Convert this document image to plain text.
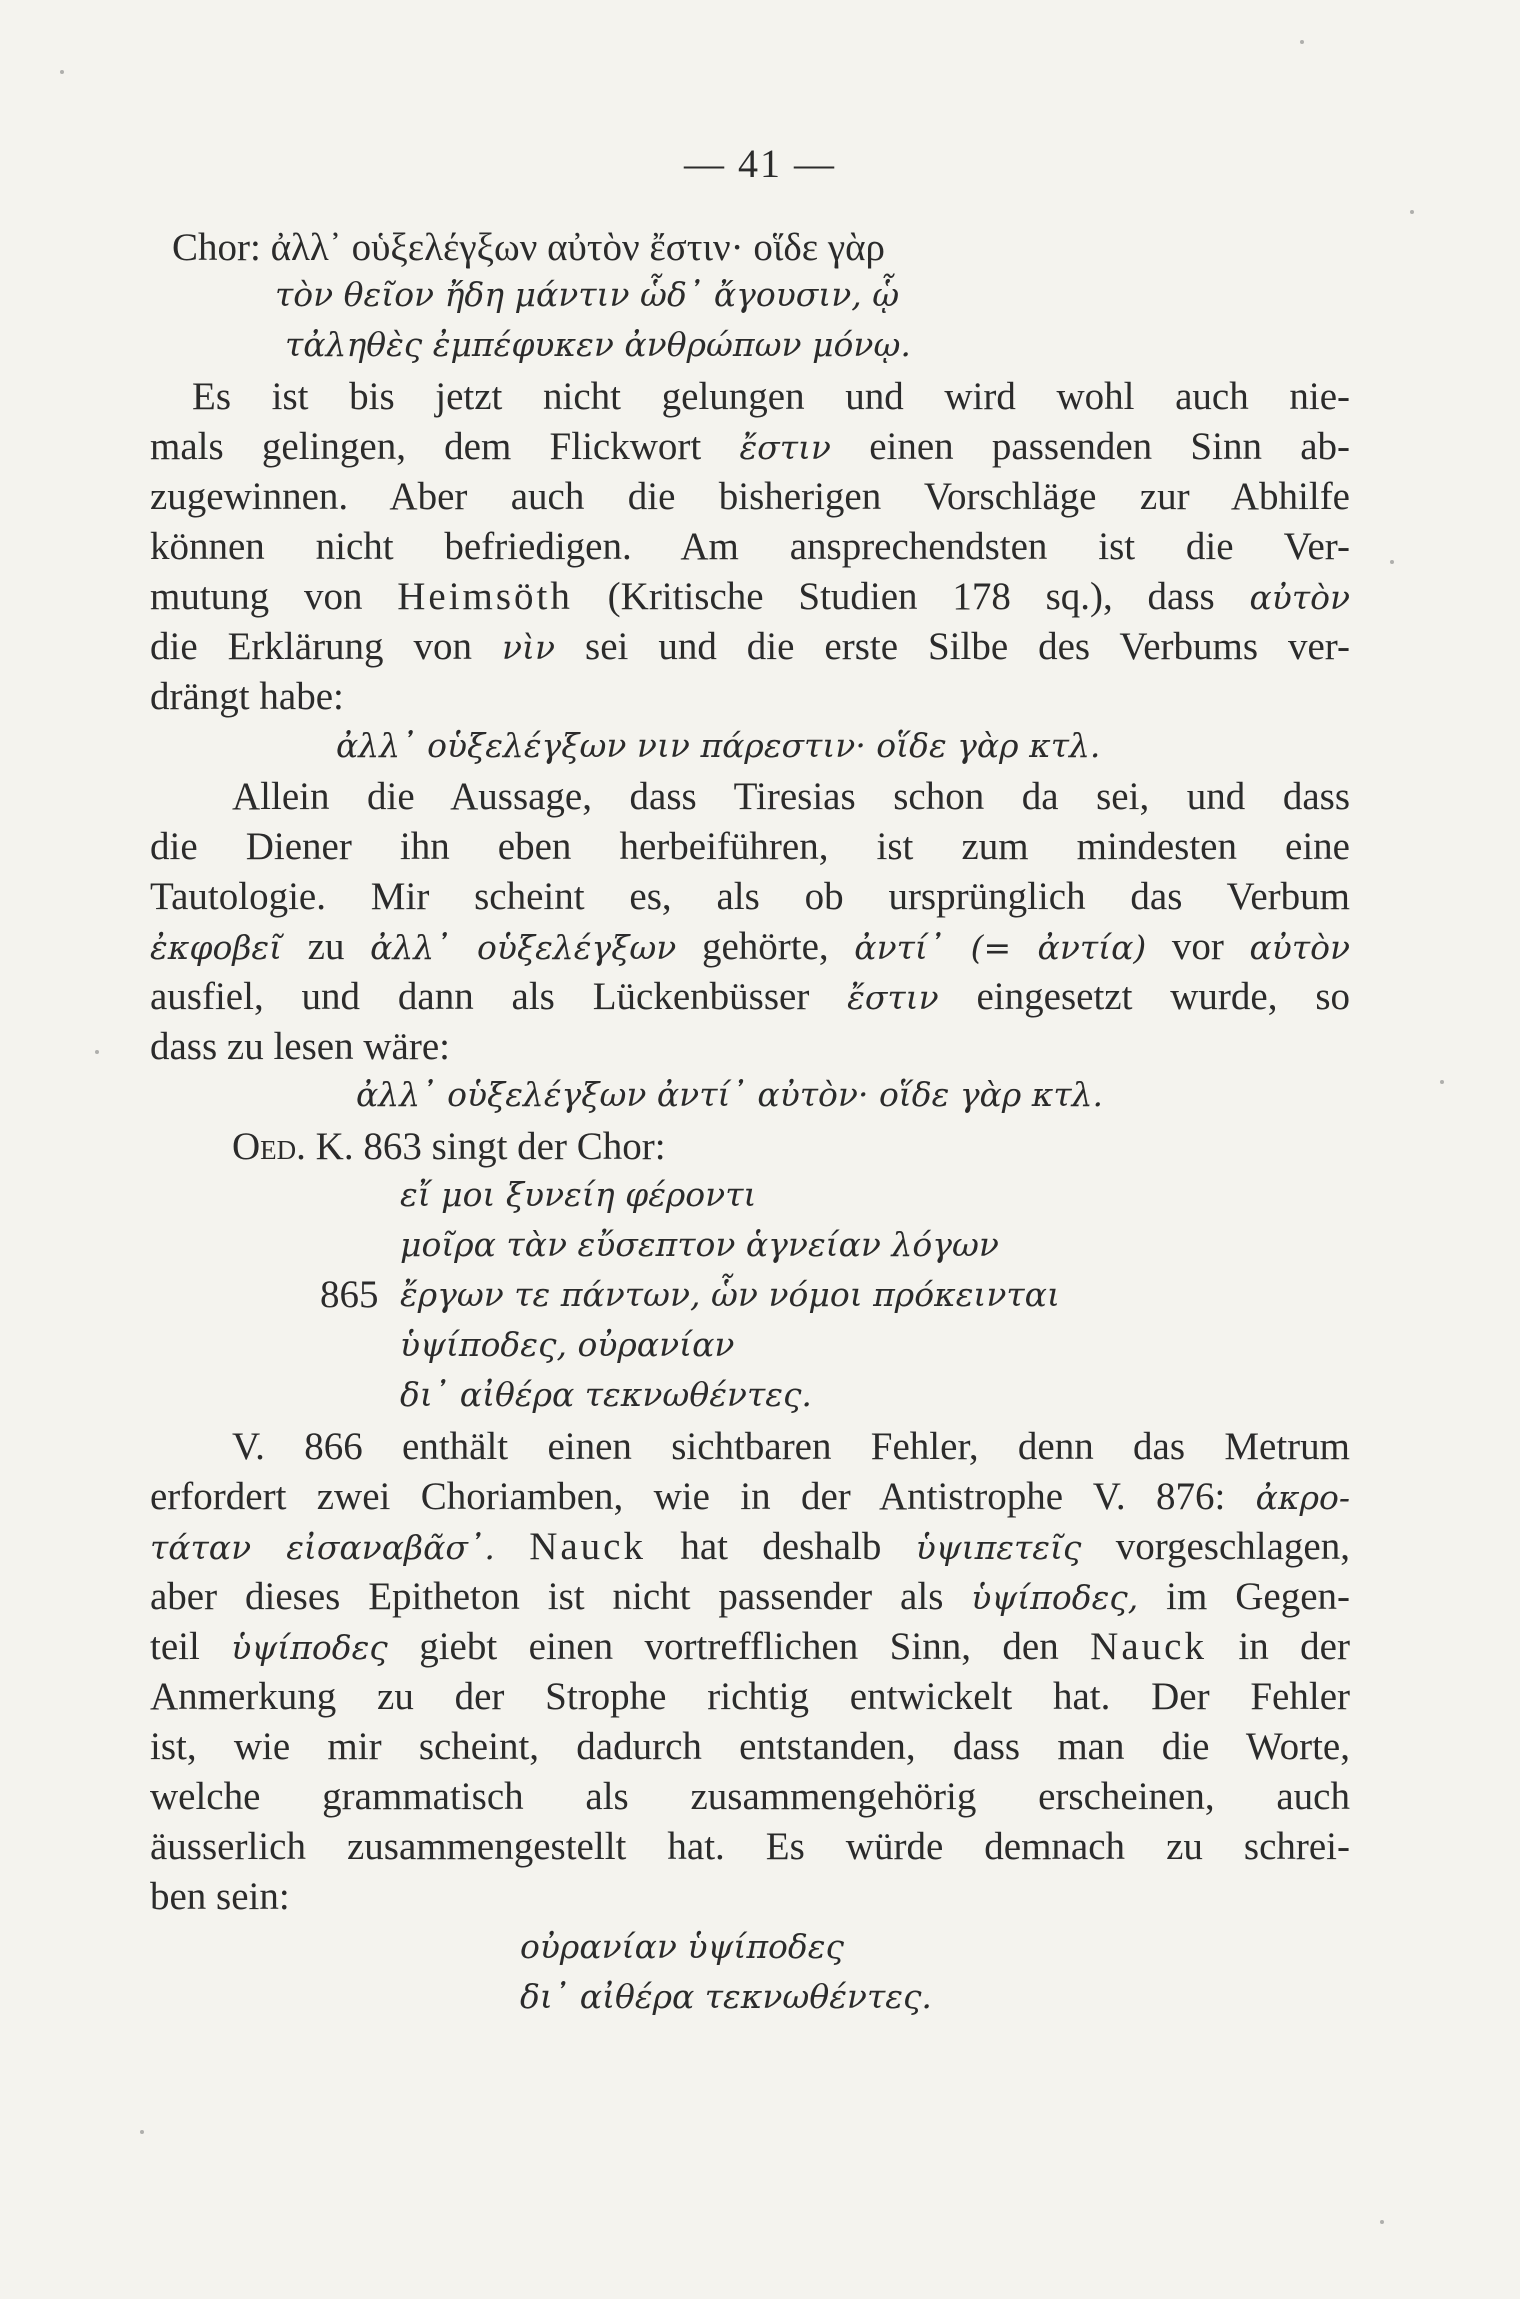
— 41 —
Chor: ἀλλ᾽ οὑξελέγξων αὐτὸν ἔστιν· οἵδε γὰρ
τὸν θεῖον ἤδη μάντιν ὧδ᾽ ἄγουσιν, ᾧ
τἀληθὲς ἐμπέφυκεν ἀνθρώπων μόνῳ.
Es ist bis jetzt nicht gelungen und wird wohl auch nie-
mals gelingen, dem Flickwort ἔστιν einen passenden Sinn ab-
zugewinnen. Aber auch die bisherigen Vorschläge zur Abhilfe
können nicht befriedigen. Am ansprechendsten ist die Ver-
mutung von Heimsöth (Kritische Studien 178 sq.), dass αὐτὸν
die Erklärung von νὶν sei und die erste Silbe des Verbums ver-
drängt habe:
ἀλλ᾽ οὑξελέγξων νιν πάρεστιν· οἵδε γὰρ κτλ.
Allein die Aussage, dass Tiresias schon da sei, und dass
die Diener ihn eben herbeiführen, ist zum mindesten eine
Tautologie. Mir scheint es, als ob ursprünglich das Verbum
ἐκφοβεῖ zu ἀλλ᾽ οὑξελέγξων gehörte, ἀντί᾽ (= ἀντία) vor αὐτὸν
ausfiel, und dann als Lückenbüsser ἔστιν eingesetzt wurde, so
dass zu lesen wäre:
ἀλλ᾽ οὑξελέγξων ἀντί᾽ αὐτὸν· οἵδε γὰρ κτλ.
Oed. K. 863 singt der Chor:
εἴ μοι ξυνείη φέροντι
μοῖρα τὰν εὔσεπτον ἁγνείαν λόγων
865 ἔργων τε πάντων, ὧν νόμοι πρόκεινται
ὑψίποδες, οὐρανίαν
δι᾽ αἰθέρα τεκνωθέντες.
V. 866 enthält einen sichtbaren Fehler, denn das Metrum
erfordert zwei Choriamben, wie in der Antistrophe V. 876: ἀκρο-
τάταν εἰσαναβᾶσ᾽. Nauck hat deshalb ὑψιπετεῖς vorgeschlagen,
aber dieses Epitheton ist nicht passender als ὑψίποδες, im Gegen-
teil ὑψίποδες giebt einen vortrefflichen Sinn, den Nauck in der
Anmerkung zu der Strophe richtig entwickelt hat. Der Fehler
ist, wie mir scheint, dadurch entstanden, dass man die Worte,
welche grammatisch als zusammengehörig erscheinen, auch
äusserlich zusammengestellt hat. Es würde demnach zu schrei-
ben sein:
οὐρανίαν ὑψίποδες
δι᾽ αἰθέρα τεκνωθέντες.
